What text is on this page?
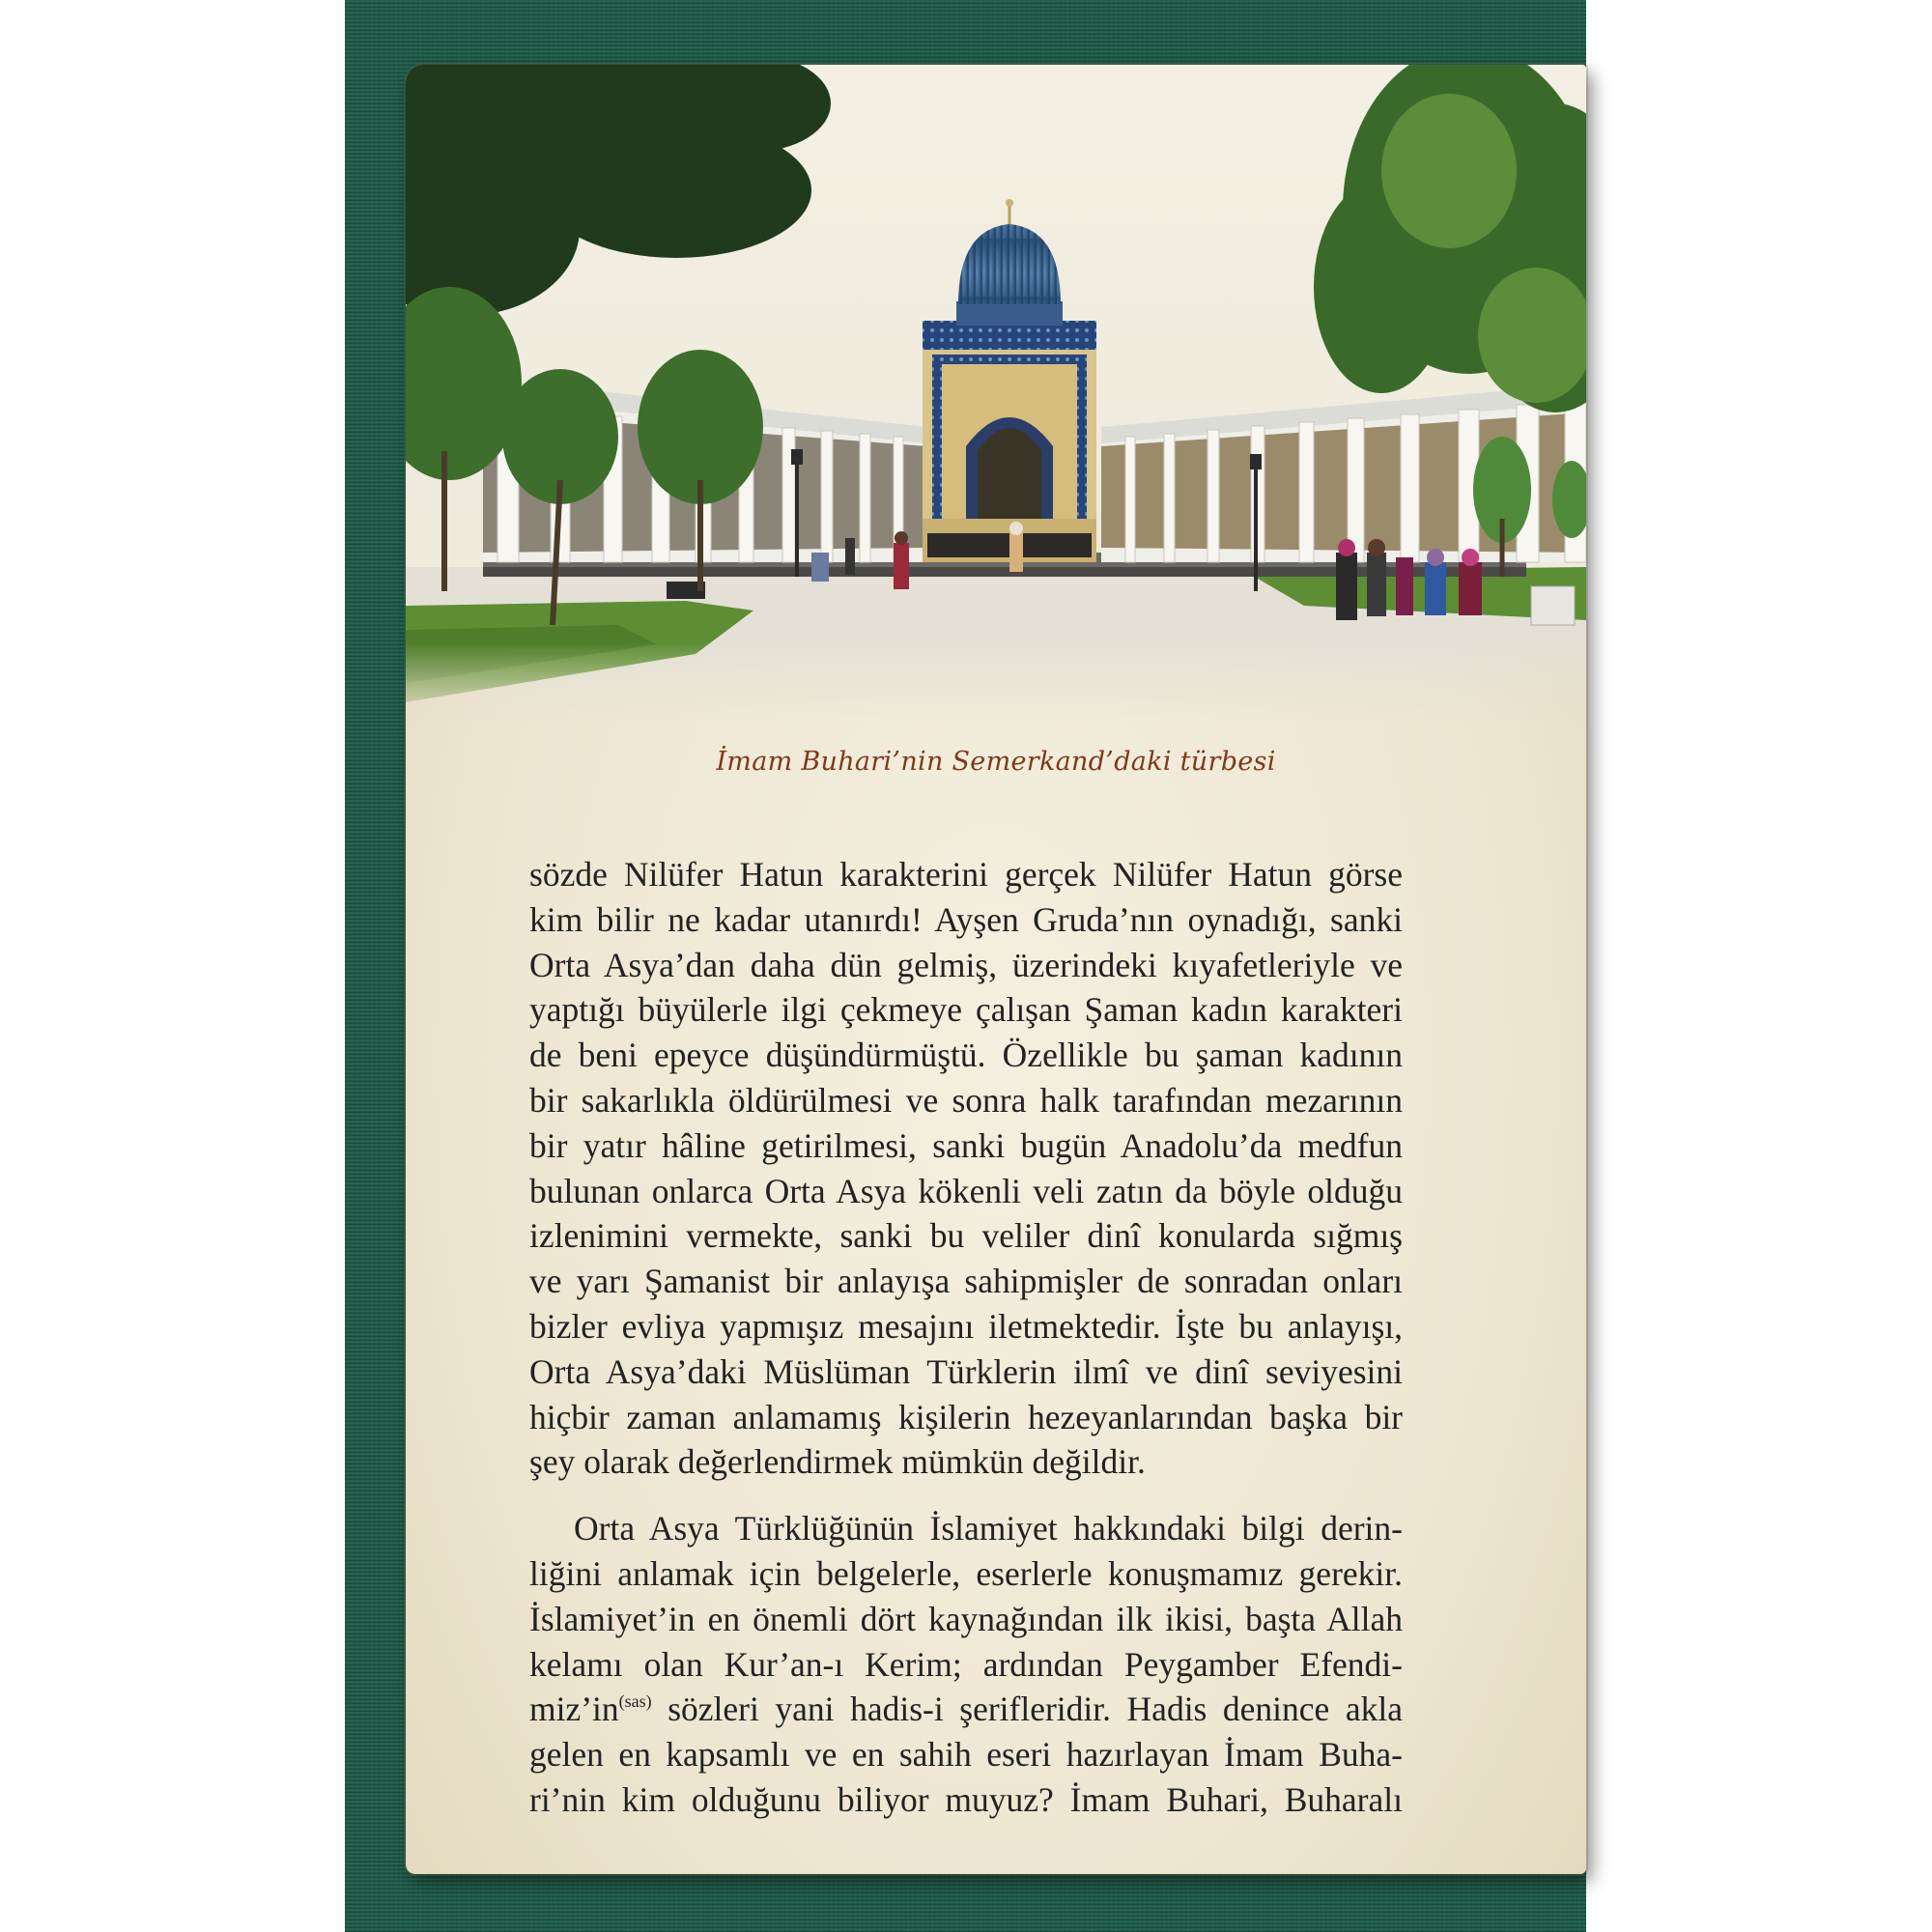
İmam Buhari’nin Semerkand’daki türbesi

sözde Nilüfer Hatun karakterini gerçek Nilüfer Hatun görse

kim bilir ne kadar utanırdı! Ayşen Gruda’nın oynadığı, sanki

Orta Asya’dan daha dün gelmiş, üzerindeki kıyafetleriyle ve

yaptığı büyülerle ilgi çekmeye çalışan Şaman kadın karakteri

de beni epeyce düşündürmüştü. Özellikle bu şaman kadının

bir sakarlıkla öldürülmesi ve sonra halk tarafından mezarının

bir yatır hâline getirilmesi, sanki bugün Anadolu’da medfun

bulunan onlarca Orta Asya kökenli veli zatın da böyle olduğu

izlenimini vermekte, sanki bu veliler dinî konularda sığmış

ve yarı Şamanist bir anlayışa sahipmişler de sonradan onları

bizler evliya yapmışız mesajını iletmektedir. İşte bu anlayışı,

Orta Asya’daki Müslüman Türklerin ilmî ve dinî seviyesini

hiçbir zaman anlamamış kişilerin hezeyanlarından başka bir

şey olarak değerlendirmek mümkün değildir.

Orta Asya Türklüğünün İslamiyet hakkındaki bilgi derin-

liğini anlamak için belgelerle, eserlerle konuşmamız gerekir.

İslamiyet’in en önemli dört kaynağından ilk ikisi, başta Allah

kelamı olan Kur’an-ı Kerim; ardından Peygamber Efendi-

$miz’in^{(sas)}$ sözleri yani hadis-i şerifleridir. Hadis denince akla

gelen en kapsamlı ve en sahih eseri hazırlayan İmam Buha-

ri’nin kim olduğunu biliyor muyuz? İmam Buhari, Buharalı
